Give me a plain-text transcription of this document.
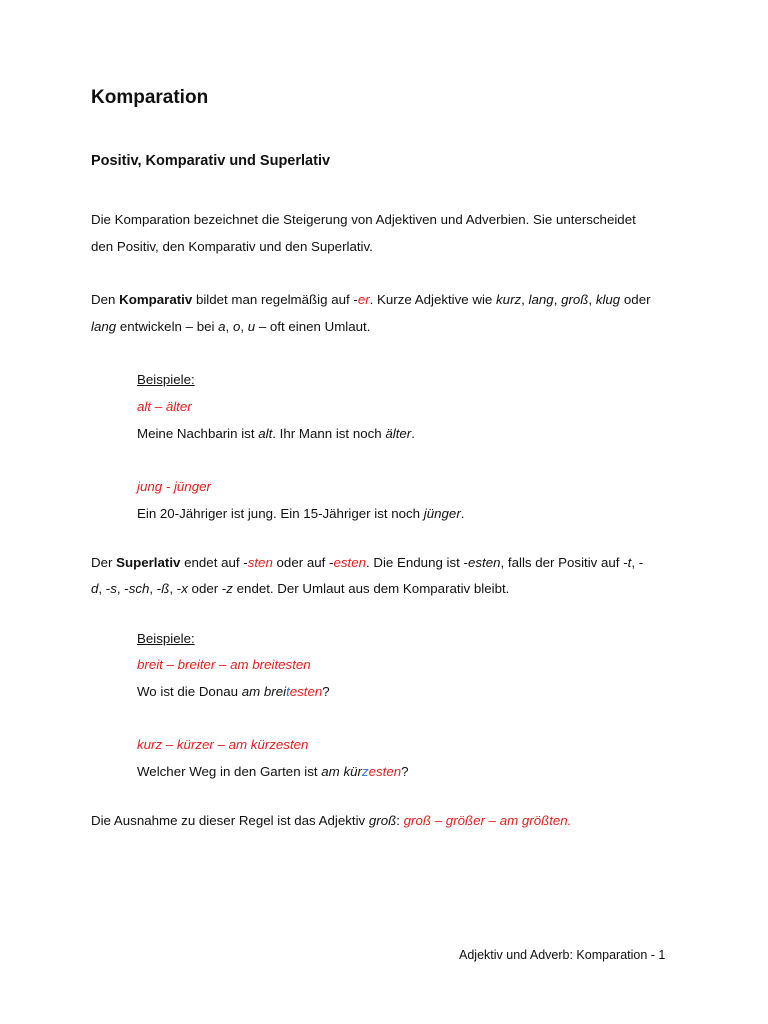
Komparation
Positiv, Komparativ und Superlativ
Die Komparation bezeichnet die Steigerung von Adjektiven und Adverbien. Sie unterscheidet
den Positiv, den Komparativ und den Superlativ.
Den Komparativ bildet man regelmäßig auf -er. Kurze Adjektive wie kurz, lang, groß, klug oder
lang entwickeln – bei a, o, u – oft einen Umlaut.
Beispiele:
alt – älter
Meine Nachbarin ist alt. Ihr Mann ist noch älter.
jung - jünger
Ein 20-Jähriger ist jung. Ein 15-Jähriger ist noch jünger.
Der Superlativ endet auf -sten oder auf -esten. Die Endung ist -esten, falls der Positiv auf -t, -
d, -s, -sch, -ß, -x oder -z endet. Der Umlaut aus dem Komparativ bleibt.
Beispiele:
breit – breiter – am breitesten
Wo ist die Donau am breitesten?
kurz – kürzer – am kürzesten
Welcher Weg in den Garten ist am kürzesten?
Die Ausnahme zu dieser Regel ist das Adjektiv groß: groß – größer – am größten.
Adjektiv und Adverb: Komparation - 1
